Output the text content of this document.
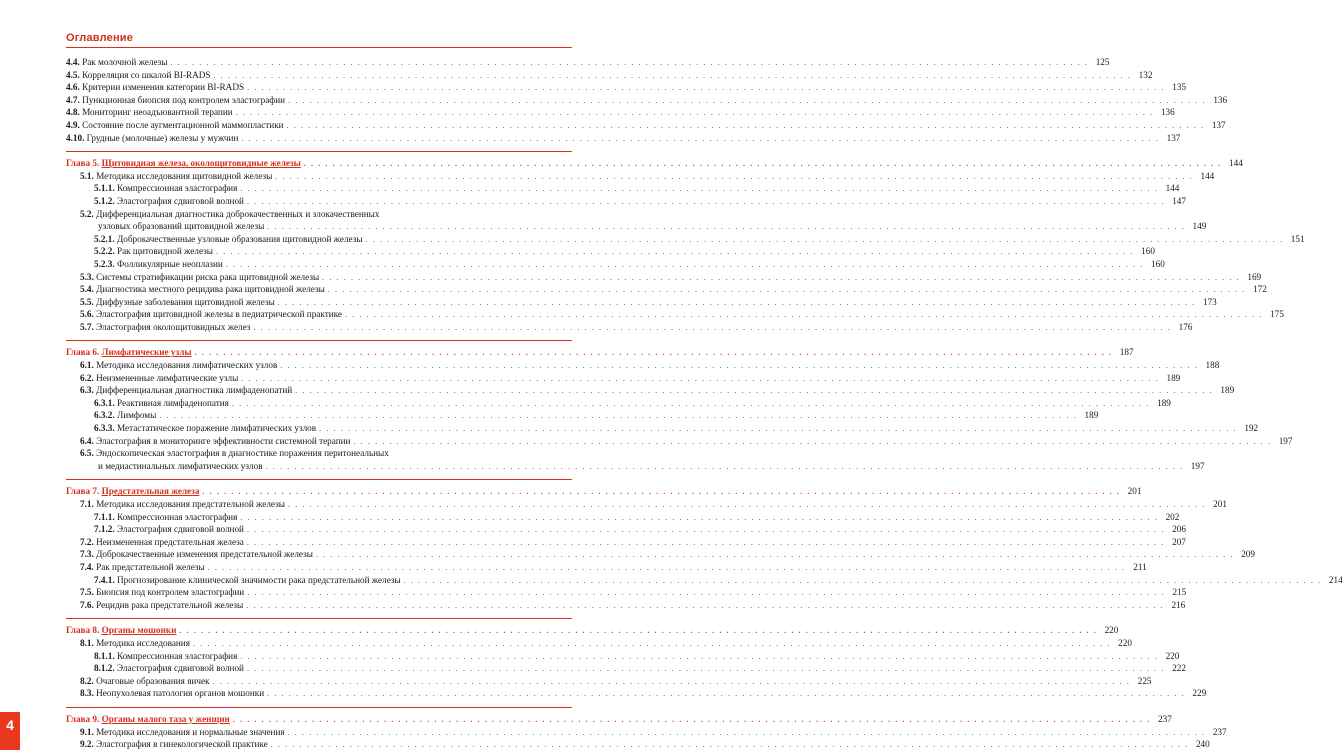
Оглавление
4.4. Рак молочной железы . . .	125
4.5. Корреляция со шкалой BI-RADS . . .	132
4.6. Критерии изменения категории BI-RADS . . .	135
4.7. Пункционная биопсия под контролем эластографии . . .	136
4.8. Мониторинг неоадъювантной терапии . . .	136
4.9. Состояние после аугментационной маммопластики . . .	137
4.10. Грудные (молочные) железы у мужчин . . .	137
Глава 5. Щитовидная железа, околощитовидные железы . . .	144
5.1. Методика исследования щитовидной железы . . .	144
5.1.1. Компрессионная эластография . . .	144
5.1.2. Эластография сдвиговой волной . . .	147
5.2. Дифференциальная диагностика доброкачественных и злокачественных
узловых образований щитовидной железы . . .	149
5.2.1. Доброкачественные узловые образования щитовидной железы . . .	151
5.2.2. Рак щитовидной железы . . .	160
5.2.3. Фолликулярные неоплазии . . .	160
5.3. Системы стратификации риска рака щитовидной железы . . .	169
5.4. Диагностика местного рецидива рака щитовидной железы . . .	172
5.5. Диффузные заболевания щитовидной железы . . .	173
5.6. Эластография щитовидной железы в педиатрической практике . . .	175
5.7. Эластография околощитовидных желез . . .	176
Глава 6. Лимфатические узлы . . .	187
6.1. Методика исследования лимфатических узлов . . .	188
6.2. Неизмененные лимфатические узлы . . .	189
6.3. Дифференциальная диагностика лимфаденопатий . . .	189
6.3.1. Реактивная лимфаденопатия . . .	189
6.3.2. Лимфомы . . .	189
6.3.3. Метастатическое поражение лимфатических узлов . . .	192
6.4. Эластография в мониторинге эффективности системной терапии . . .	197
6.5. Эндоскопическая эластография в диагностике поражения перитонеальных
и медиастинальных лимфатических узлов . . .	197
Глава 7. Предстательная железа . . .	201
7.1. Методика исследования предстательной железы . . .	201
7.1.1. Компрессионная эластография . . .	202
7.1.2. Эластография сдвиговой волной . . .	206
7.2. Неизмененная предстательная железа . . .	207
7.3. Доброкачественные изменения предстательной железы . . .	209
7.4. Рак предстательной железы . . .	211
7.4.1. Прогнозирование клинической значимости рака предстательной железы . . .	214
7.5. Биопсия под контролем эластографии . . .	215
7.6. Рецидив рака предстательной железы . . .	216
Глава 8. Органы мошонки . . .	220
8.1. Методика исследования . . .	220
8.1.1. Компрессионная эластография . . .	220
8.1.2. Эластография сдвиговой волной . . .	222
8.2. Очаговые образования яичек . . .	225
8.3. Неопухолевая патология органов мошонки . . .	229
Глава 9. Органы малого таза у женщин . . .	237
9.1. Методика исследования и нормальные значения . . .	237
9.2. Эластография в гинекологической практике . . .	240
4
